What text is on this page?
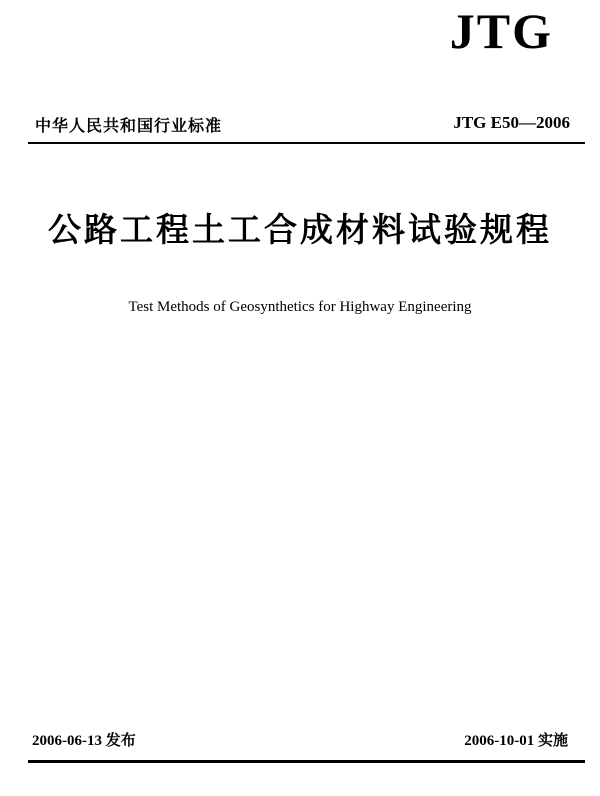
JTG
中华人民共和国行业标准	JTG E50—2006
公路工程土工合成材料试验规程
Test Methods of Geosynthetics for Highway Engineering
2006-06-13 发布	2006-10-01 实施
